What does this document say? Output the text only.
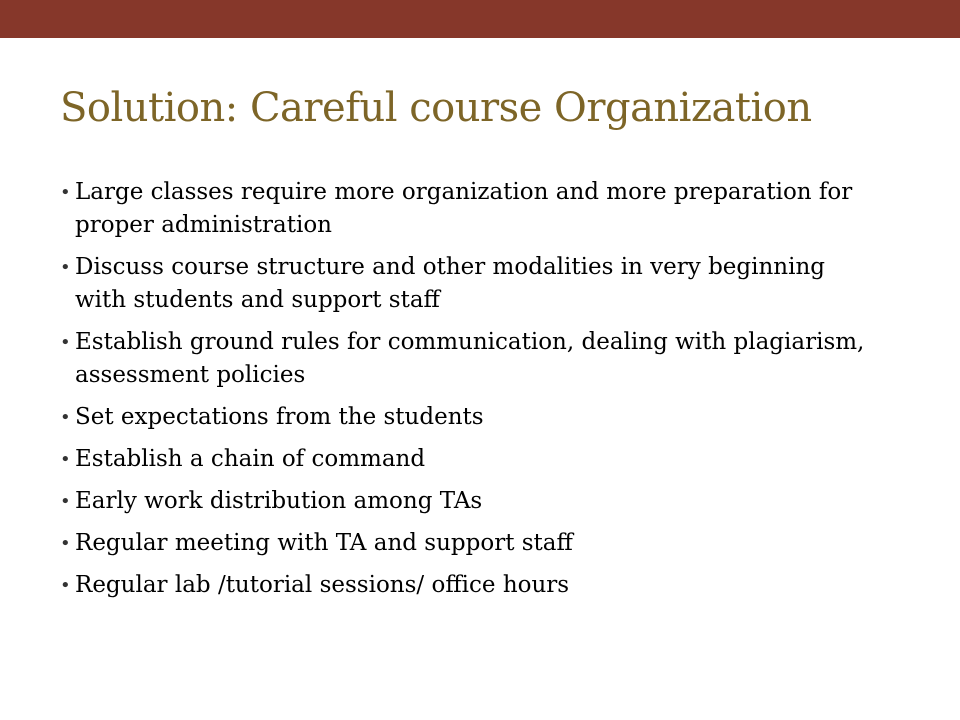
Solution: Careful course Organization
• Large classes require more organization and more preparation for proper administration
• Discuss course structure and other modalities in very beginning with students and support staff
• Establish ground rules for communication, dealing with plagiarism, assessment policies
• Set expectations from the students
• Establish a chain of command
• Early work distribution among TAs
• Regular meeting with TA and support staff
• Regular lab /tutorial sessions/ office hours
